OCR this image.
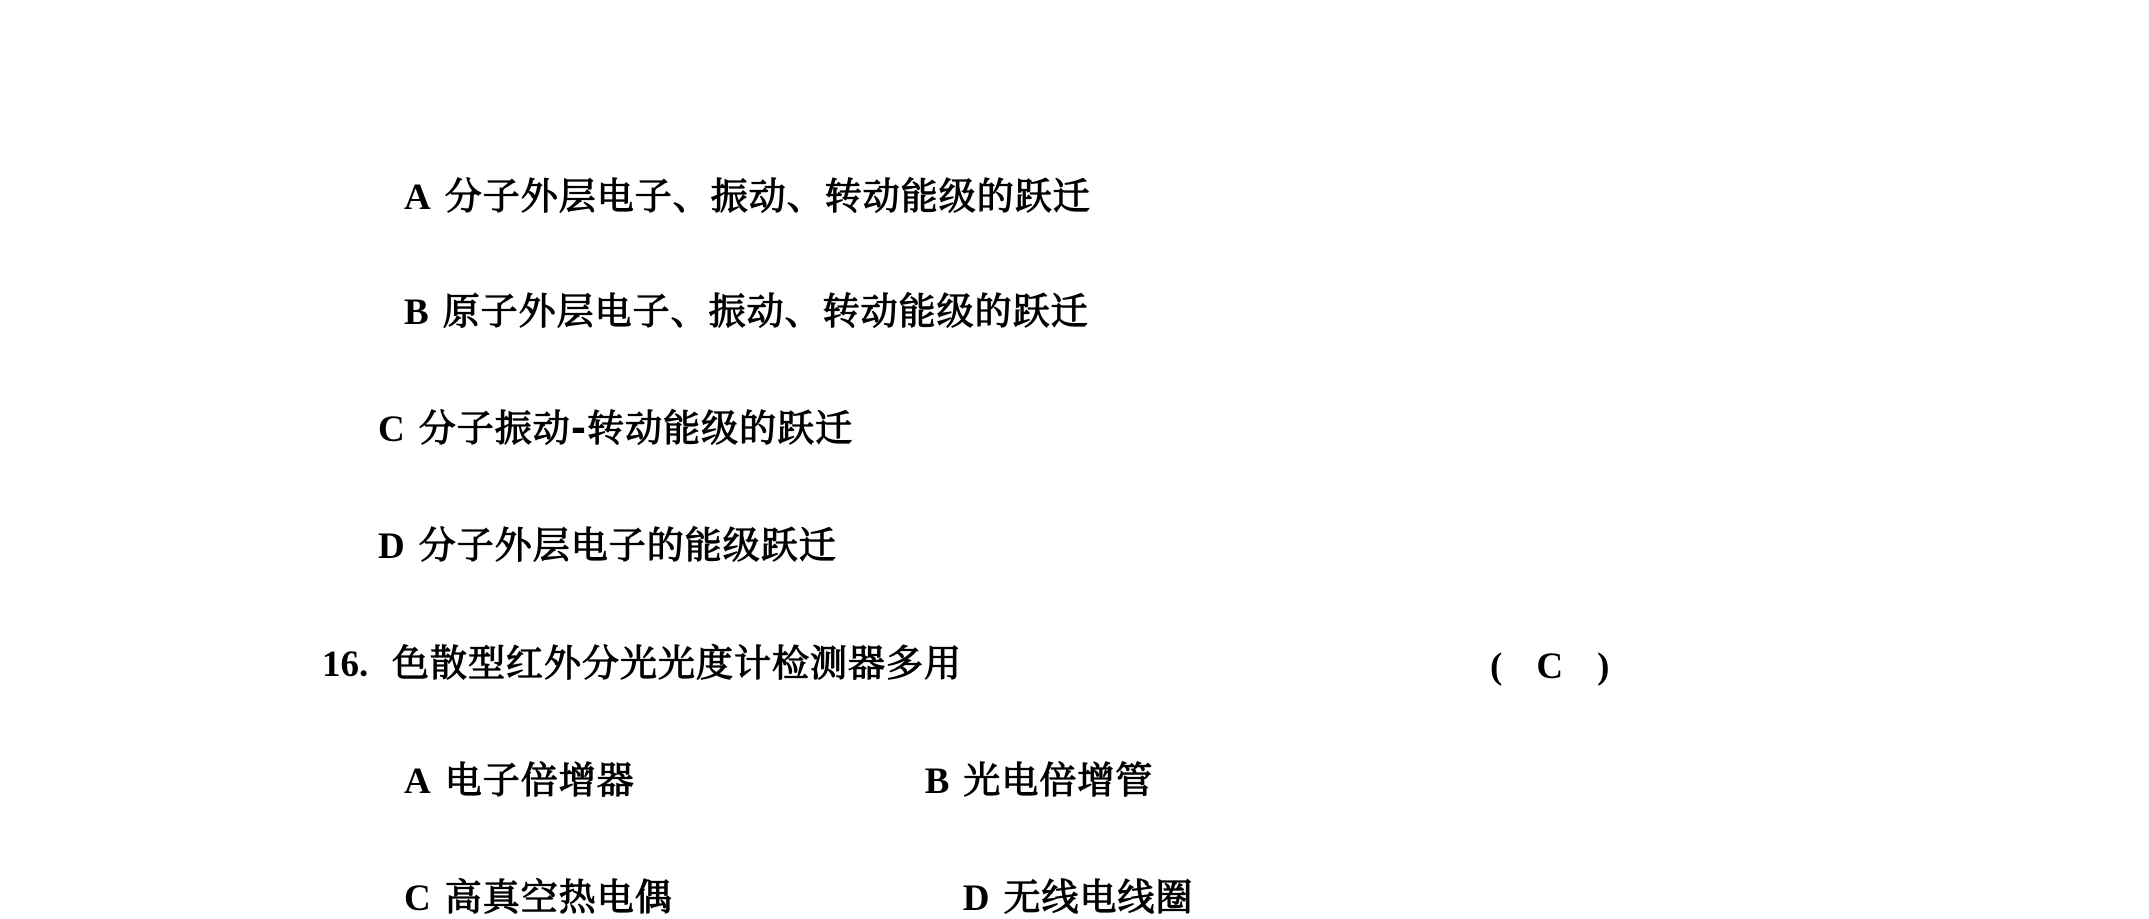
A 分子外层电子、振动、转动能级的跃迁
B 原子外层电子、振动、转动能级的跃迁
C 分子振动-转动能级的跃迁
D 分子外层电子的能级跃迁
16. 色散型红外分光光度计检测器多用	( C )
A 电子倍增器	B 光电倍增管
C 高真空热电偶	D 无线电线圈
